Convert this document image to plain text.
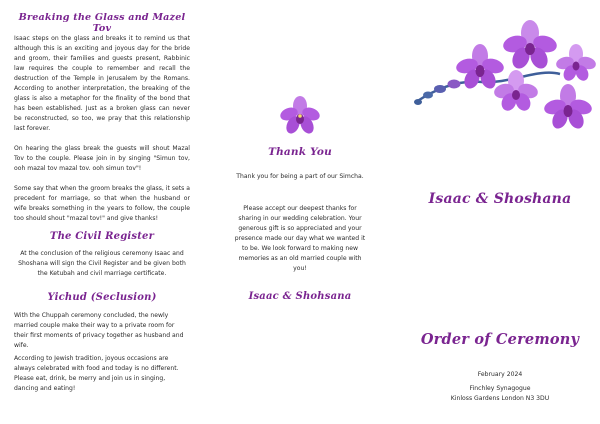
Breaking the Glass and Mazel Tov

Isaac steps on the glass and breaks it to remind us that although this is an exciting and joyous day for the bride and groom, their families and guests present, Rabbinic law requires the couple to remember and recall the destruction of the Temple in Jerusalem by the Romans. According to another interpretation, the breaking of the glass is also a metaphor for the finality of the bond that has been established. Just as a broken glass can never be reconstructed, so too, we pray that this relationship last forever.

On hearing the glass break the guests will shout Mazal Tov to the couple. Please join in by singing "Simun tov, ooh mazal tov mazal tov. ooh simun tov"!

Some say that when the groom breaks the glass, it sets a precedent for marriage, so that when the husband or wife breaks something in the years to follow, the couple too should shout "mazal tov!" and give thanks!

The Civil Register

At the conclusion of the religious ceremony Isaac and Shoshana will sign the Civil Register and be given both the Ketubah and civil marriage certificate.

Yichud (Seclusion)

With the Chuppah ceremony concluded, the newly married couple make their way to a private room for their first moments of privacy together as husband and wife.

According to Jewish tradition, joyous occasions are always celebrated with food and today is no different. Please eat, drink, be merry and join us in singing, dancing and eating!

Thank You

Thank you for being a part of our Simcha.

Please accept our deepest thanks for sharing in our wedding celebration. Your generous gift is so appreciated and your presence made our day what we wanted it to be. We look forward to making new memories as an old married couple with you!

Isaac & Shohsana
Isaac & Shoshana
Order of Ceremony

February 2024

Finchley Synagogue

Kinloss Gardens London N3 3DU
